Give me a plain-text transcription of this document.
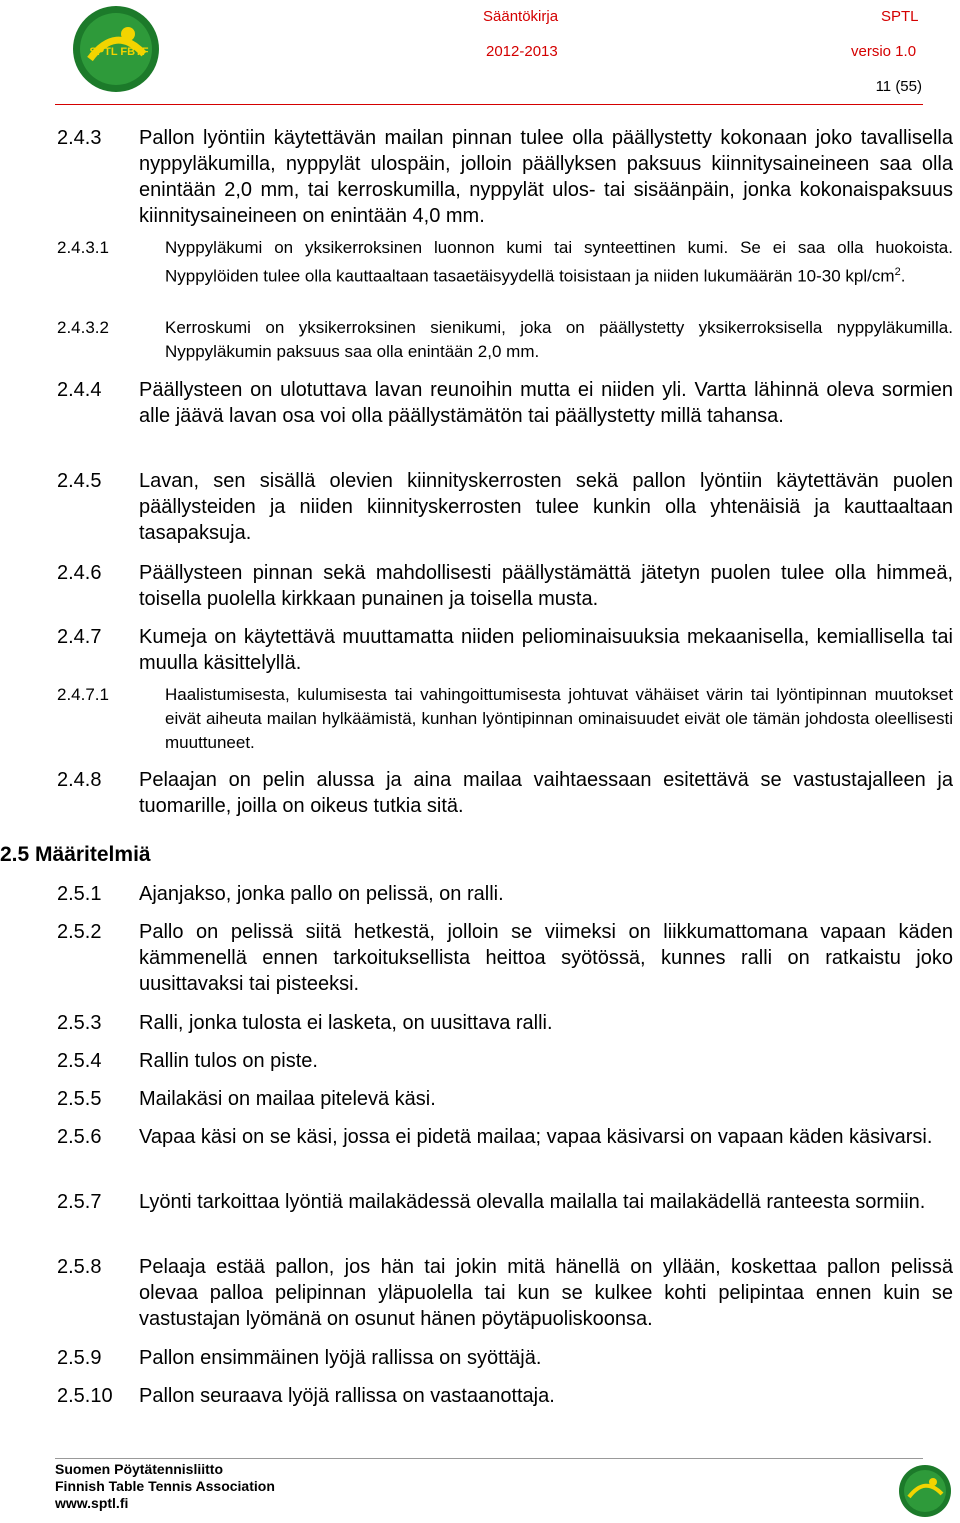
SPTL FBTF
Sääntökirja	SPTL
2012-2013	versio 1.0
11 (55)
2.4.3	Pallon lyöntiin käytettävän mailan pinnan tulee olla päällystetty kokonaan joko tavallisella nyppyläkumilla, nyppylät ulospäin, jolloin päällyksen paksuus kiinnitysaineineen saa olla enintään 2,0 mm, tai kerroskumilla, nyppylät ulos- tai sisäänpäin, jonka kokonaispaksuus kiinnitysaineineen on enintään 4,0 mm.
2.4.3.1	Nyppyläkumi on yksikerroksinen luonnon kumi tai synteettinen kumi. Se ei saa olla huokoista. Nyppylöiden tulee olla kauttaaltaan tasaetäisyydellä toisistaan ja niiden lukumäärän 10-30 kpl/$cm^2$.
2.4.3.2	Kerroskumi on yksikerroksinen sienikumi, joka on päällystetty yksikerroksisella nyppyläkumilla. Nyppyläkumin paksuus saa olla enintään 2,0 mm.
2.4.4	Päällysteen on ulotuttava lavan reunoihin mutta ei niiden yli. Vartta lähinnä oleva sormien alle jäävä lavan osa voi olla päällystämätön tai päällystetty millä tahansa.
2.4.5	Lavan, sen sisällä olevien kiinnityskerrosten sekä pallon lyöntiin käytettävän puolen päällysteiden ja niiden kiinnityskerrosten tulee kunkin olla yhtenäisiä ja kauttaaltaan tasapaksuja.
2.4.6	Päällysteen pinnan sekä mahdollisesti päällystämättä jätetyn puolen tulee olla himmeä, toisella puolella kirkkaan punainen ja toisella musta.
2.4.7	Kumeja on käytettävä muuttamatta niiden peliominaisuuksia mekaanisella, kemiallisella tai muulla käsittelyllä.
2.4.7.1	Haalistumisesta, kulumisesta tai vahingoittumisesta johtuvat vähäiset värin tai lyöntipinnan muutokset eivät aiheuta mailan hylkäämistä, kunhan lyöntipinnan ominaisuudet eivät ole tämän johdosta oleellisesti muuttuneet.
2.4.8	Pelaajan on pelin alussa ja aina mailaa vaihtaessaan esitettävä se vastustajalleen ja tuomarille, joilla on oikeus tutkia sitä.
2.5 Määritelmiä
2.5.1	Ajanjakso, jonka pallo on pelissä, on ralli.
2.5.2	Pallo on pelissä siitä hetkestä, jolloin se viimeksi on liikkumattomana vapaan käden kämmenellä ennen tarkoituksellista heittoa syötössä, kunnes ralli on ratkaistu joko uusittavaksi tai pisteeksi.
2.5.3	Ralli, jonka tulosta ei lasketa, on uusittava ralli.
2.5.4	Rallin tulos on piste.
2.5.5	Mailakäsi on mailaa pitelevä käsi.
2.5.6	Vapaa käsi on se käsi, jossa ei pidetä mailaa; vapaa käsivarsi on vapaan käden käsivarsi.
2.5.7	Lyönti tarkoittaa lyöntiä mailakädessä olevalla mailalla tai mailakädellä ranteesta sormiin.
2.5.8	Pelaaja estää pallon, jos hän tai jokin mitä hänellä on yllään, koskettaa pallon pelissä olevaa palloa pelipinnan yläpuolella tai kun se kulkee kohti pelipintaa ennen kuin se vastustajan lyömänä on osunut hänen pöytäpuoliskoonsa.
2.5.9	Pallon ensimmäinen lyöjä rallissa on syöttäjä.
2.5.10	Pallon seuraava lyöjä rallissa on vastaanottaja.
Suomen Pöytätennisliitto
Finnish Table Tennis Association
www.sptl.fi
